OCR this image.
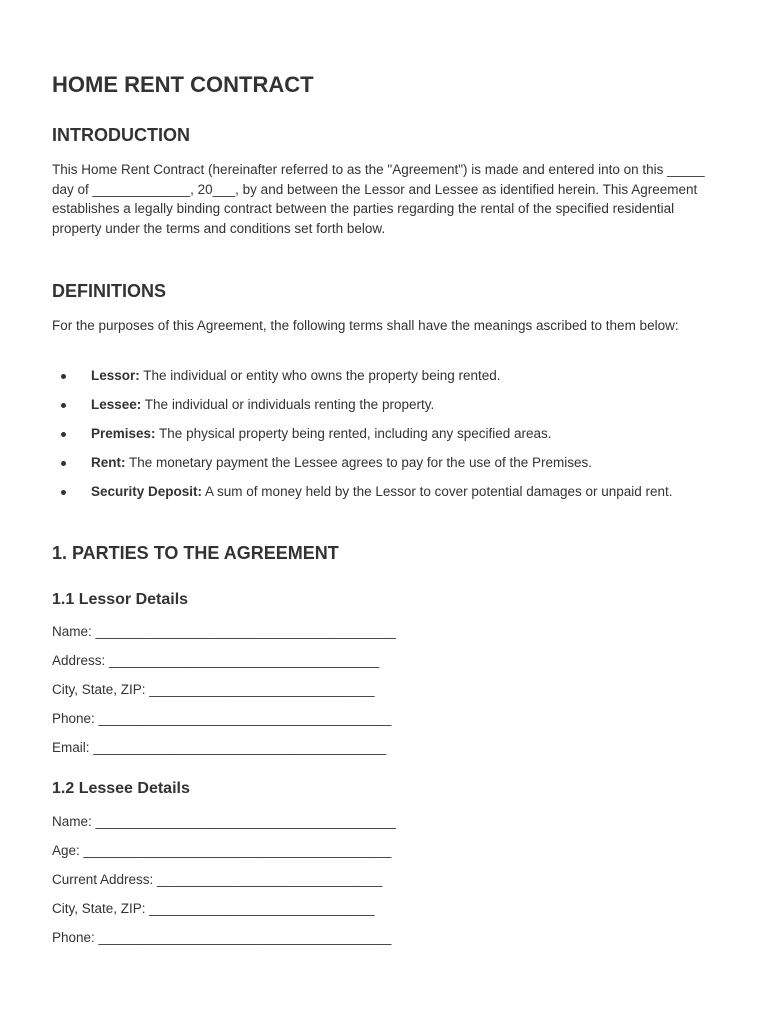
HOME RENT CONTRACT
INTRODUCTION

This Home Rent Contract (hereinafter referred to as the "Agreement") is made and entered into on this _____ day of _____________, 20___, by and between the Lessor and Lessee as identified herein. This Agreement establishes a legally binding contract between the parties regarding the rental of the specified residential property under the terms and conditions set forth below.

DEFINITIONS

For the purposes of this Agreement, the following terms shall have the meanings ascribed to them below:

Lessor: The individual or entity who owns the property being rented.
Lessee: The individual or individuals renting the property.
Premises: The physical property being rented, including any specified areas.
Rent: The monetary payment the Lessee agrees to pay for the use of the Premises.
Security Deposit: A sum of money held by the Lessor to cover potential damages or unpaid rent.
1. PARTIES TO THE AGREEMENT
1.1 Lessor Details

Name: ________________________________________

Address: ____________________________________

City, State, ZIP: ______________________________

Phone: _______________________________________

Email: _______________________________________

1.2 Lessee Details

Name: ________________________________________

Age: _________________________________________

Current Address: ______________________________

City, State, ZIP: ______________________________

Phone: _______________________________________
